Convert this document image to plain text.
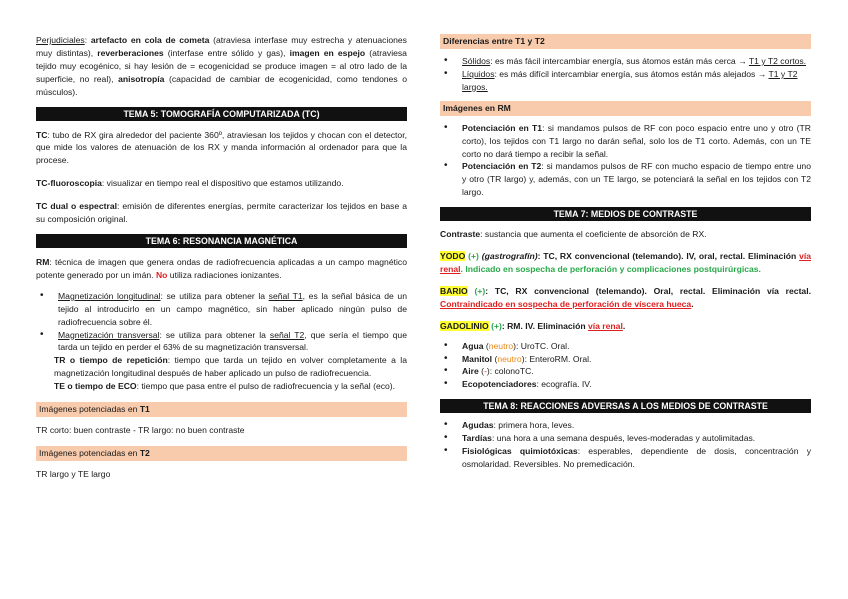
Perjudiciales: artefacto en cola de cometa (atraviesa interfase muy estrecha y atenuaciones muy distintas), reverberaciones (interfase entre sólido y gas), imagen en espejo (atraviesa tejido muy ecogénico, si hay lesión de = ecogenicidad se produce imagen = al otro lado de la superficie, no real), anisotropía (capacidad de cambiar de ecogenicidad, como tendones o músculos).

TEMA 5: TOMOGRAFÍA COMPUTARIZADA (TC)

TC: tubo de RX gira alrededor del paciente 360º, atraviesan los tejidos y chocan con el detector, que mide los valores de atenuación de los RX y manda información al ordenador para que la procese.

TC-fluoroscopia: visualizar en tiempo real el dispositivo que estamos utilizando.

TC dual o espectral: emisión de diferentes energías, permite caracterizar los tejidos en base a su composición original.

TEMA 6: RESONANCIA MAGNÉTICA

RM: técnica de imagen que genera ondas de radiofrecuencia aplicadas a un campo magnético potente generado por un imán. No utiliza radiaciones ionizantes.

• Magnetización longitudinal: se utiliza para obtener la señal T1, es la señal básica de un tejido al introducirlo en un campo magnético, sin haber aplicado ningún pulso de radiofrecuencia sobre él.
• Magnetización transversal: se utiliza para obtener la señal T2, que sería el tiempo que tarda un tejido en perder el 63% de su magnetización transversal.

TR o tiempo de repetición: tiempo que tarda un tejido en volver completamente a la magnetización longitudinal después de haber aplicado un pulso de radiofrecuencia.

TE o tiempo de ECO: tiempo que pasa entre el pulso de radiofrecuencia y la señal (eco).

Imágenes potenciadas en T1

TR corto: buen contraste - TR largo: no buen contraste

Imágenes potenciadas en T2

TR largo y TE largo

Diferencias entre T1 y T2
• Sólidos: es más fácil intercambiar energía, sus átomos están más cerca → T1 y T2 cortos.
• Líquidos: es más difícil intercambiar energía, sus átomos están más alejados → T1 y T2 largos.
Imágenes en RM
• Potenciación en T1: si mandamos pulsos de RF con poco espacio entre uno y otro (TR corto), los tejidos con T1 largo no darán señal, solo los de T1 corto. Además, con un TE corto no dará tiempo a recibir la señal.
• Potenciación en T2: si mandamos pulsos de RF con mucho espacio de tiempo entre uno y otro (TR largo) y, además, con un TE largo, se potenciará la señal en los tejidos con T2 largo.
TEMA 7: MEDIOS DE CONTRASTE

Contraste: sustancia que aumenta el coeficiente de absorción de RX.

YODO (+) (gastrografín): TC, RX convencional (telemando). IV, oral, rectal. Eliminación vía renal. Indicado en sospecha de perforación y complicaciones postquirúrgicas.

BARIO (+): TC, RX convencional (telemando). Oral, rectal. Eliminación vía rectal. Contraindicado en sospecha de perforación de víscera hueca.

GADOLINIO (+): RM. IV. Eliminación vía renal.

• Agua (neutro): UroTC. Oral.
• Manitol (neutro): EnteroRM. Oral.
• Aire (-): colonoTC.
• Ecopotenciadores: ecografía. IV.
TEMA 8: REACCIONES ADVERSAS A LOS MEDIOS DE CONTRASTE
• Agudas: primera hora, leves.
• Tardías: una hora a una semana después, leves-moderadas y autolimitadas.
• Fisiológicas quimiotóxicas: esperables, dependiente de dosis, concentración y osmolaridad. Reversibles. No premedicación.
